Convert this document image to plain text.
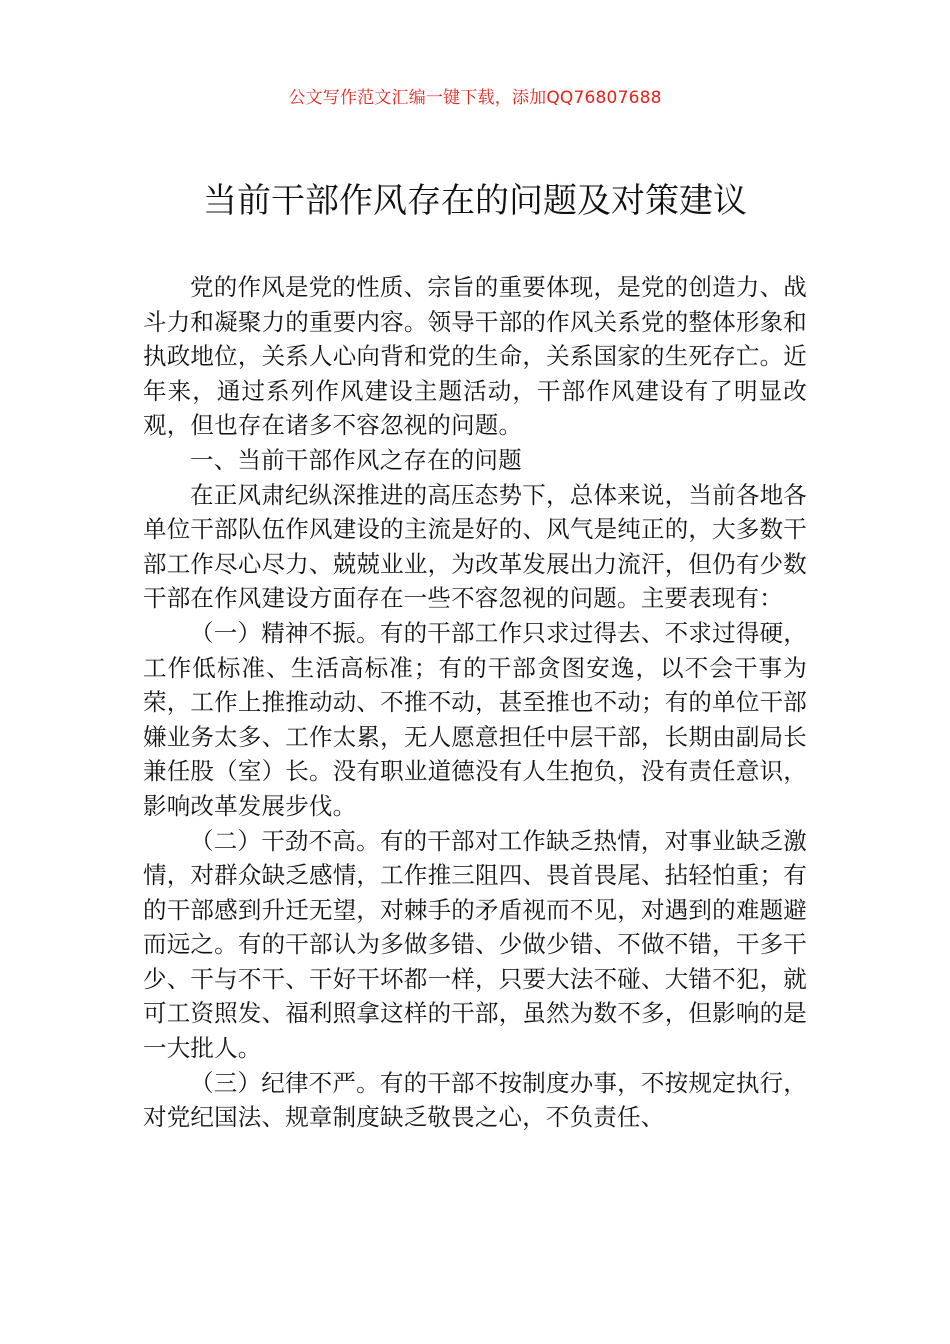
公文写作范文汇编一键下载，添加QQ76807688
当前干部作风存在的问题及对策建议

党的作风是党的性质、宗旨的重要体现，是党的创造力、战斗力和凝聚力的重要内容。领导干部的作风关系党的整体形象和执政地位，关系人心向背和党的生命，关系国家的生死存亡。近年来，通过系列作风建设主题活动，干部作风建设有了明显改观，但也存在诸多不容忽视的问题。

一、当前干部作风之存在的问题

在正风肃纪纵深推进的高压态势下，总体来说，当前各地各单位干部队伍作风建设的主流是好的、风气是纯正的，大多数干部工作尽心尽力、兢兢业业，为改革发展出力流汗，但仍有少数干部在作风建设方面存在一些不容忽视的问题。主要表现有：

（一）精神不振。有的干部工作只求过得去、不求过得硬，工作低标准、生活高标准；有的干部贪图安逸，以不会干事为荣，工作上推推动动、不推不动，甚至推也不动；有的单位干部嫌业务太多、工作太累，无人愿意担任中层干部，长期由副局长兼任股（室）长。没有职业道德没有人生抱负，没有责任意识，影响改革发展步伐。

（二）干劲不高。有的干部对工作缺乏热情，对事业缺乏激情，对群众缺乏感情，工作推三阻四、畏首畏尾、拈轻怕重；有的干部感到升迁无望，对棘手的矛盾视而不见，对遇到的难题避而远之。有的干部认为多做多错、少做少错、不做不错，干多干少、干与不干、干好干坏都一样，只要大法不碰、大错不犯，就可工资照发、福利照拿这样的干部，虽然为数不多，但影响的是一大批人。

（三）纪律不严。有的干部不按制度办事，不按规定执行，对党纪国法、规章制度缺乏敬畏之心，不负责任、
